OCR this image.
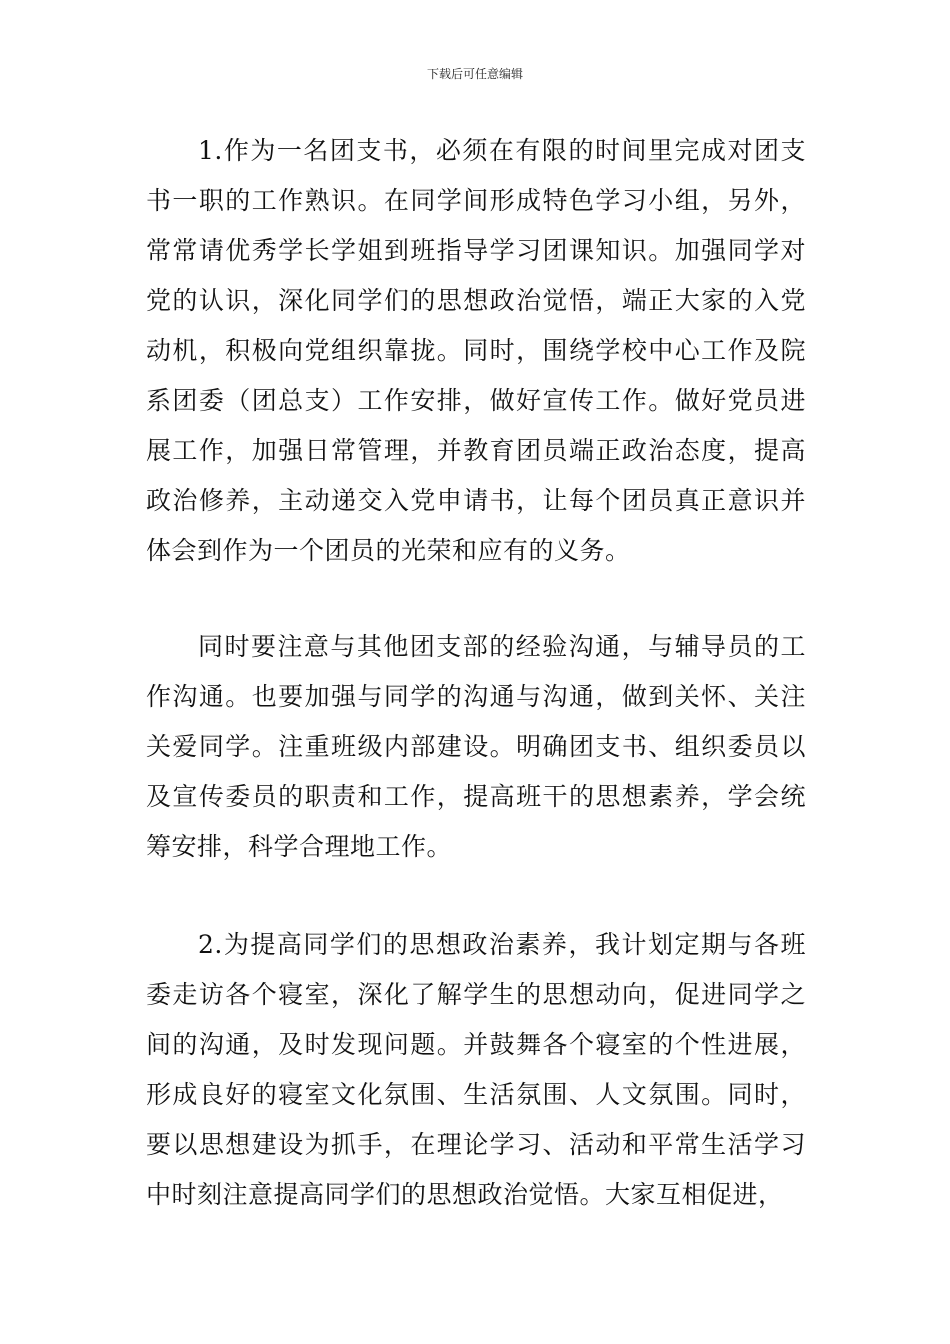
下载后可任意编辑

1.作为一名团支书，必须在有限的时间里完成对团支书一职的工作熟识。在同学间形成特色学习小组，另外，常常请优秀学长学姐到班指导学习团课知识。加强同学对党的认识，深化同学们的思想政治觉悟，端正大家的入党动机，积极向党组织靠拢。同时，围绕学校中心工作及院系团委（团总支）工作安排，做好宣传工作。做好党员进展工作，加强日常管理，并教育团员端正政治态度，提高政治修养，主动递交入党申请书，让每个团员真正意识并体会到作为一个团员的光荣和应有的义务。

同时要注意与其他团支部的经验沟通，与辅导员的工作沟通。也要加强与同学的沟通与沟通，做到关怀、关注关爱同学。注重班级内部建设。明确团支书、组织委员以及宣传委员的职责和工作，提高班干的思想素养，学会统筹安排，科学合理地工作。

2.为提高同学们的思想政治素养，我计划定期与各班委走访各个寝室，深化了解学生的思想动向，促进同学之间的沟通，及时发现问题。并鼓舞各个寝室的个性进展，形成良好的寝室文化氛围、生活氛围、人文氛围。同时，要以思想建设为抓手，在理论学习、活动和平常生活学习中时刻注意提高同学们的思想政治觉悟。大家互相促进，
